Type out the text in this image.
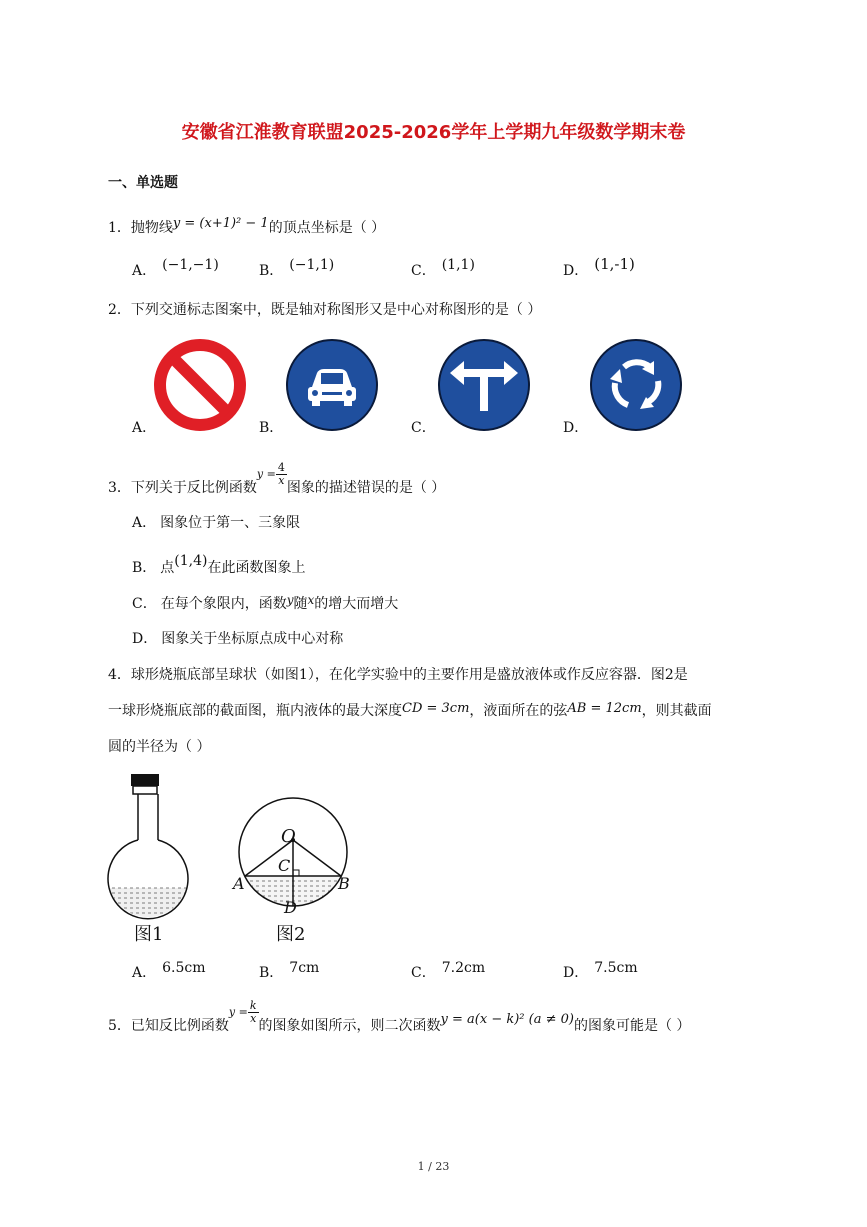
安徽省江淮教育联盟2025-2026学年上学期九年级数学期末卷
一、单选题
1．抛物线y = (x+1)² − 1的顶点坐标是（ ）
A． (−1,−1)	B． (−1,1)	C． (1,1)	D． (1,-1)
2．下列交通标志图案中，既是轴对称图形又是中心对称图形的是（ ）
A．	B．	C．	D．
3．下列关于反比例函数$y = \frac{4}{x}$
图象的描述错误的是（ ）
A． 图象位于第一、三象限
B． 点(1,4)在此函数图象上
C． 在每个象限内，函数y随x的增大而增大
D． 图象关于坐标原点成中心对称
4．球形烧瓶底部呈球状（如图1），在化学实验中的主要作用是盛放液体或作反应容器．图2是
一球形烧瓶底部的截面图，瓶内液体的最大深度CD = 3cm，液面所在的弦AB = 12cm，则其截面
圆的半径为（ ）
图1
O
C
A	B
D
图2
A． 6.5cm	B． 7cm	C． 7.2cm	D． 7.5cm
5．已知反比例函数$y = \frac{k}{x}$
的图象如图所示，则二次函数y = a(x − k)² (a ≠ 0)的图象可能是（ ）
1 / 23
